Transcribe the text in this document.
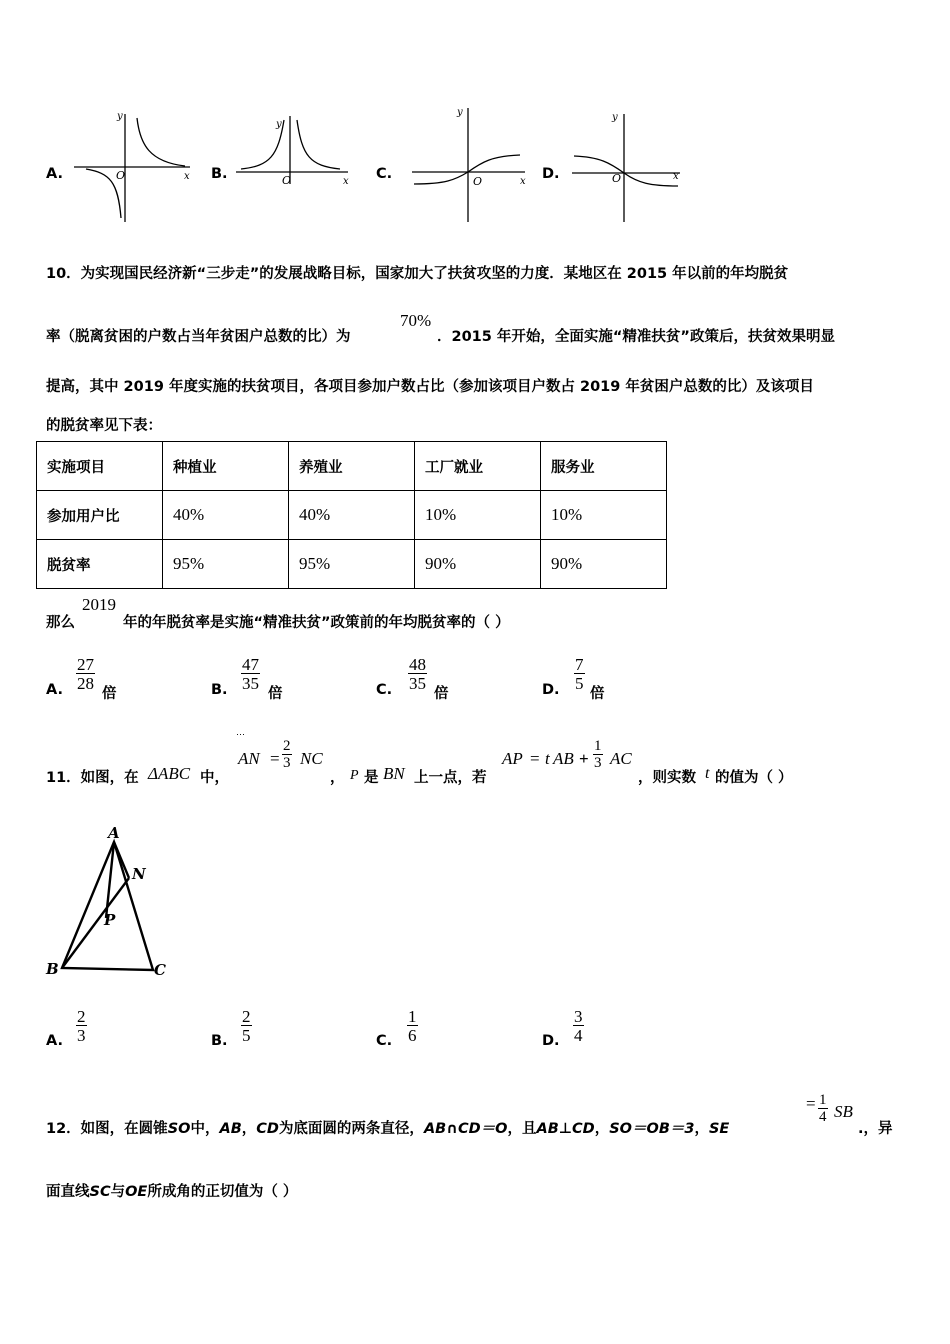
A.	B.	C.	D.
y
O	x
y
O	x
y
O	x
y
O	x
10．为实现国民经济新“三步走”的发展战略目标，国家加大了扶贫攻坚的力度．某地区在 2015 年以前的年均脱贫
率（脱离贫困的户数占当年贫困户总数的比）为
70%
．2015 年开始，全面实施“精准扶贫”政策后，扶贫效果明显
提高，其中 2019 年度实施的扶贫项目，各项目参加户数占比（参加该项目户数占 2019 年贫困户总数的比）及该项目
的脱贫率见下表：
实施项目	种植业	养殖业	工厂就业	服务业
参加用户比	40%	40%	10%	10%
脱贫率	95%	95%	90%	90%
那么
2019
年的年脱贫率是实施“精准扶贫”政策前的年均脱贫率的（ ）
A. $\frac{27}{28}$
倍	B. $\frac{47}{35}$
倍	C. $\frac{48}{35}$
倍	D. $\frac{7}{5}$
倍
11．如图，在 ΔABC 中，
⋯
AN = $\frac{2}{3}$ NC
， P 是 BN 上一点，若
AP = t AB + $\frac{1}{3}$ AC
，则实数 t 的值为（ ）
A
N
P
B	C
A. $\frac{2}{3}$	B. $\frac{2}{5}$	C. $\frac{1}{6}$	D. $\frac{3}{4}$
12．如图，在圆锥SO中，AB，CD为底面圆的两条直径，AB∩CD＝O，且AB⊥CD，SO＝OB＝3，SE
= $\frac{1}{4}$ SB
.，异
面直线SC与OE所成角的正切值为（ ）
